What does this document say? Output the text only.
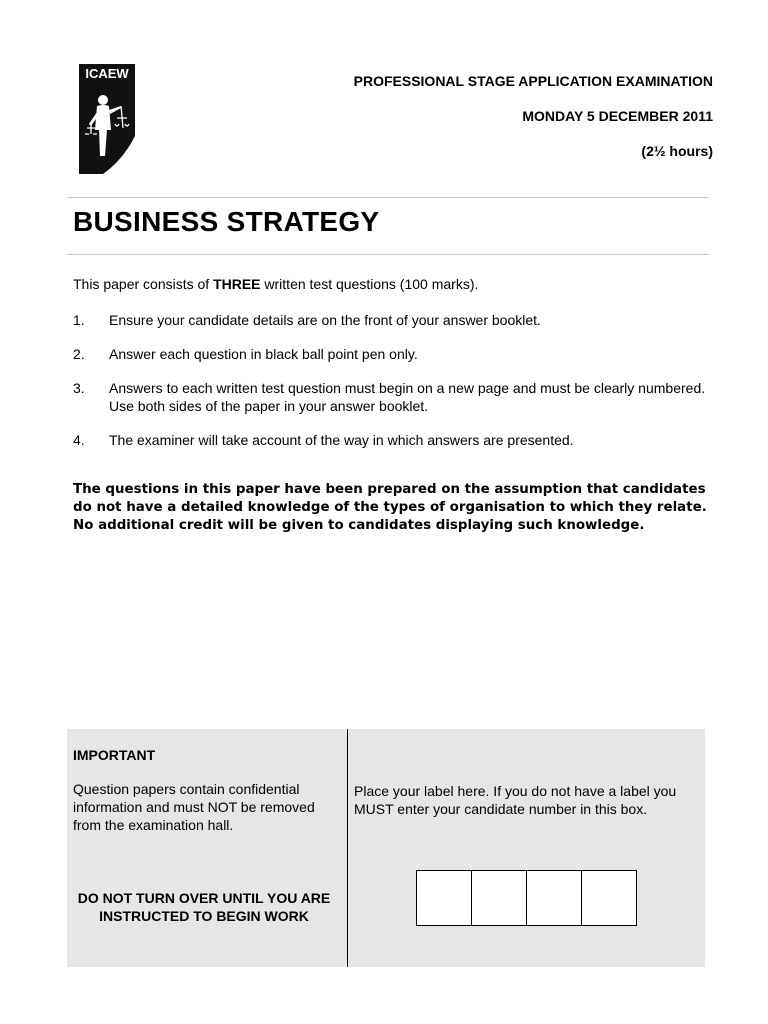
ICAEW	PROFESSIONAL STAGE APPLICATION EXAMINATION
MONDAY 5 DECEMBER 2011
(2½ hours)
BUSINESS STRATEGY
This paper consists of THREE written test questions (100 marks).
1.	Ensure your candidate details are on the front of your answer booklet.
2.	Answer each question in black ball point pen only.
3.	Answers to each written test question must begin on a new page and must be clearly numbered. Use both sides of the paper in your answer booklet.
4.	The examiner will take account of the way in which answers are presented.
The questions in this paper have been prepared on the assumption that candidates do not have a detailed knowledge of the types of organisation to which they relate. No additional credit will be given to candidates displaying such knowledge.
IMPORTANT
Question papers contain confidential information and must NOT be removed from the examination hall.
DO NOT TURN OVER UNTIL YOU ARE INSTRUCTED TO BEGIN WORK
Place your label here. If you do not have a label you MUST enter your candidate number in this box.
